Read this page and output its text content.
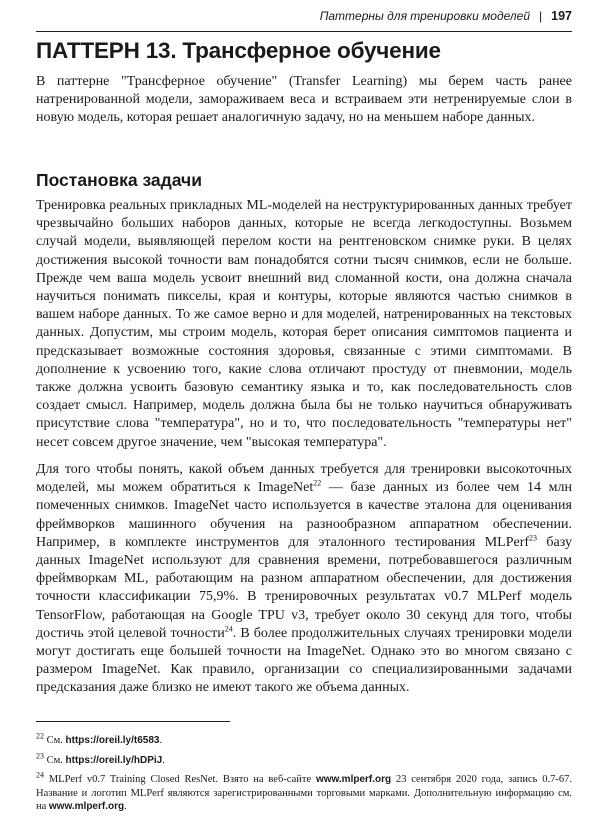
Паттерны для тренировки моделей | 197
ПАТТЕРН 13. Трансферное обучение

В паттерне "Трансферное обучение" (Transfer Learning) мы берем часть ранее натренированной модели, замораживаем веса и встраиваем эти нетренируемые слои в новую модель, которая решает аналогичную задачу, но на меньшем наборе данных.

Постановка задачи

Тренировка реальных прикладных ML-моделей на неструктурированных данных требует чрезвычайно больших наборов данных, которые не всегда легкодоступны. Возьмем случай модели, выявляющей перелом кости на рентгеновском снимке руки. В целях достижения высокой точности вам понадобятся сотни тысяч снимков, если не больше. Прежде чем ваша модель усвоит внешний вид сломанной кости, она должна сначала научиться понимать пикселы, края и контуры, которые являются частью снимков в вашем наборе данных. То же самое верно и для моделей, натренированных на текстовых данных. Допустим, мы строим модель, которая берет описания симптомов пациента и предсказывает возможные состояния здоровья, связанные с этими симптомами. В дополнение к усвоению того, какие слова отличают простуду от пневмонии, модель также должна усвоить базовую семантику языка и то, как последовательность слов создает смысл. Например, модель должна была бы не только научиться обнаруживать присутствие слова "температура", но и то, что последовательность "температуры нет" несет совсем другое значение, чем "высокая температура".

Для того чтобы понять, какой объем данных требуется для тренировки высокоточных моделей, мы можем обратиться к ImageNet$^{22}$ — базе данных из более чем 14 млн помеченных снимков. ImageNet часто используется в качестве эталона для оценивания фреймворков машинного обучения на разнообразном аппаратном обеспечении. Например, в комплекте инструментов для эталонного тестирования MLPerf$^{23}$ базу данных ImageNet используют для сравнения времени, потребовавшегося различным фреймворкам ML, работающим на разном аппаратном обеспечении, для достижения точности классификации 75,9%. В тренировочных результатах v0.7 MLPerf модель TensorFlow, работающая на Google TPU v3, требует около 30 секунд для того, чтобы достичь этой целевой точности$^{24}$. В более продолжительных случаях тренировки модели могут достигать еще большей точности на ImageNet. Однако это во многом связано с размером ImageNet. Как правило, организации со специализированными задачами предсказания даже близко не имеют такого же объема данных.

$^{22}$ См. https://oreil.ly/t6583.

$^{23}$ См. https://oreil.ly/hDPiJ.

$^{24}$ MLPerf v0.7 Training Closed ResNet. Взято на веб-сайте www.mlperf.org 23 сентября 2020 года, запись 0.7-67. Название и логотип MLPerf являются зарегистрированными торговыми марками. Дополнительную информацию см. на www.mlperf.org.
